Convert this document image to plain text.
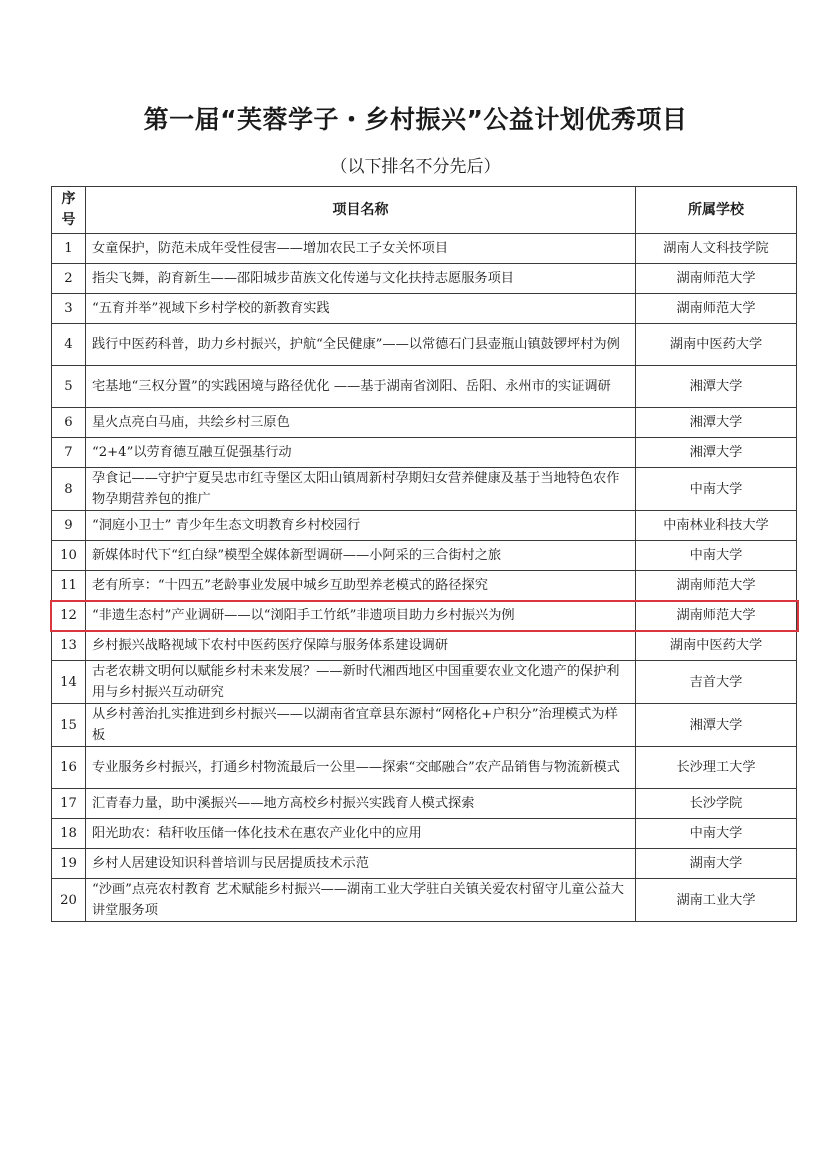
第一届“芙蓉学子・乡村振兴”公益计划优秀项目
（以下排名不分先后）
序号	项目名称	所属学校
1	女童保护，防范未成年受性侵害——增加农民工子女关怀项目	湖南人文科技学院
2	指尖飞舞，韵育新生——邵阳城步苗族文化传递与文化扶持志愿服务项目	湖南师范大学
3	“五育并举”视域下乡村学校的新教育实践	湖南师范大学
4	践行中医药科普，助力乡村振兴，护航“全民健康”——以常德石门县壶瓶山镇鼓锣坪村为例	湖南中医药大学
5	宅基地“三权分置”的实践困境与路径优化 ——基于湖南省浏阳、岳阳、永州市的实证调研	湘潭大学
6	星火点亮白马庙，共绘乡村三原色	湘潭大学
7	“2+4”以劳育德互融互促强基行动	湘潭大学
8	孕食记——守护宁夏吴忠市红寺堡区太阳山镇周新村孕期妇女营养健康及基于当地特色农作物孕期营养包的推广	中南大学
9	“洞庭小卫士” 青少年生态文明教育乡村校园行	中南林业科技大学
10	新媒体时代下“红白绿”模型全媒体新型调研——小阿采的三合街村之旅	中南大学
11	老有所享：“十四五”老龄事业发展中城乡互助型养老模式的路径探究	湖南师范大学
12	“非遗生态村”产业调研——以“浏阳手工竹纸”非遗项目助力乡村振兴为例	湖南师范大学
13	乡村振兴战略视域下农村中医药医疗保障与服务体系建设调研	湖南中医药大学
14	古老农耕文明何以赋能乡村未来发展？——新时代湘西地区中国重要农业文化遗产的保护利用与乡村振兴互动研究	吉首大学
15	从乡村善治扎实推进到乡村振兴——以湖南省宜章县东源村“网格化+户积分”治理模式为样板	湘潭大学
16	专业服务乡村振兴，打通乡村物流最后一公里——探索“交邮融合”农产品销售与物流新模式	长沙理工大学
17	汇青春力量，助中溪振兴——地方高校乡村振兴实践育人模式探索	长沙学院
18	阳光助农：秸秆收压储一体化技术在惠农产业化中的应用	中南大学
19	乡村人居建设知识科普培训与民居提质技术示范	湖南大学
20	“沙画”点亮农村教育 艺术赋能乡村振兴——湖南工业大学驻白关镇关爱农村留守儿童公益大讲堂服务项	湖南工业大学
